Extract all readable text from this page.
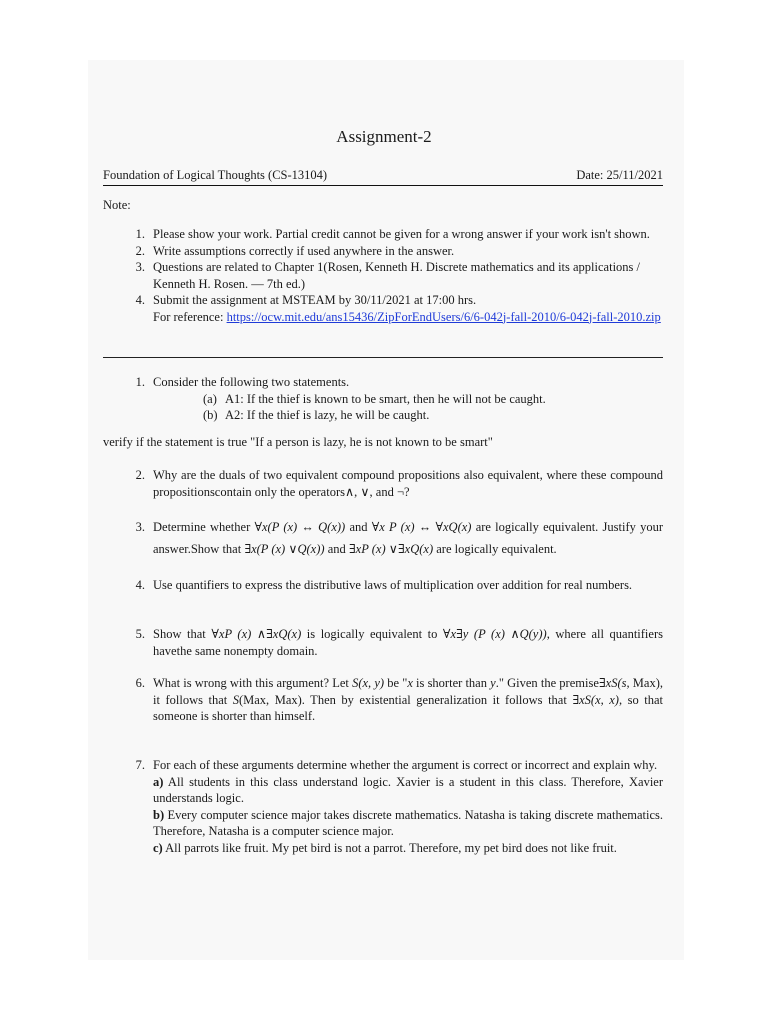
Assignment-2
Foundation of Logical Thoughts (CS-13104)	Date: 25/11/2021
Note:
1. Please show your work. Partial credit cannot be given for a wrong answer if your work isn't shown.
2. Write assumptions correctly if used anywhere in the answer.
3. Questions are related to Chapter 1(Rosen, Kenneth H. Discrete mathematics and its applications / Kenneth H. Rosen. — 7th ed.)
4. Submit the assignment at MSTEAM by 30/11/2021 at 17:00 hrs.
For reference: https://ocw.mit.edu/ans15436/ZipForEndUsers/6/6-042j-fall-2010/6-042j-fall-2010.zip
1. Consider the following two statements.
(a) A1: If the thief is known to be smart, then he will not be caught.
(b) A2: If the thief is lazy, he will be caught.
verify if the statement is true "If a person is lazy, he is not known to be smart"
2. Why are the duals of two equivalent compound propositions also equivalent, where these compound propositionscontain only the operators∧, ∨, and ¬?
3. Determine whether ∀x(P (x) ↔ Q(x)) and ∀x P (x) ↔ ∀xQ(x) are logically equivalent. Justify your answer.Show that ∃x(P (x) ∨Q(x)) and ∃xP (x) ∨∃xQ(x) are logically equivalent.
4. Use quantifiers to express the distributive laws of multiplication over addition for real numbers.
5. Show that ∀xP (x) ∧∃xQ(x) is logically equivalent to ∀x∃y (P (x) ∧Q(y)), where all quantifiers havethe same nonempty domain.
6. What is wrong with this argument? Let S(x, y) be "x is shorter than y." Given the premise∃xS(s, Max), it follows that S(Max, Max). Then by existential generalization it follows that ∃xS(x, x), so that someone is shorter than himself.
7. For each of these arguments determine whether the argument is correct or incorrect and explain why.
a) All students in this class understand logic. Xavier is a student in this class. Therefore, Xavier understands logic.
b) Every computer science major takes discrete mathematics. Natasha is taking discrete mathematics. Therefore, Natasha is a computer science major.
c) All parrots like fruit. My pet bird is not a parrot. Therefore, my pet bird does not like fruit.
